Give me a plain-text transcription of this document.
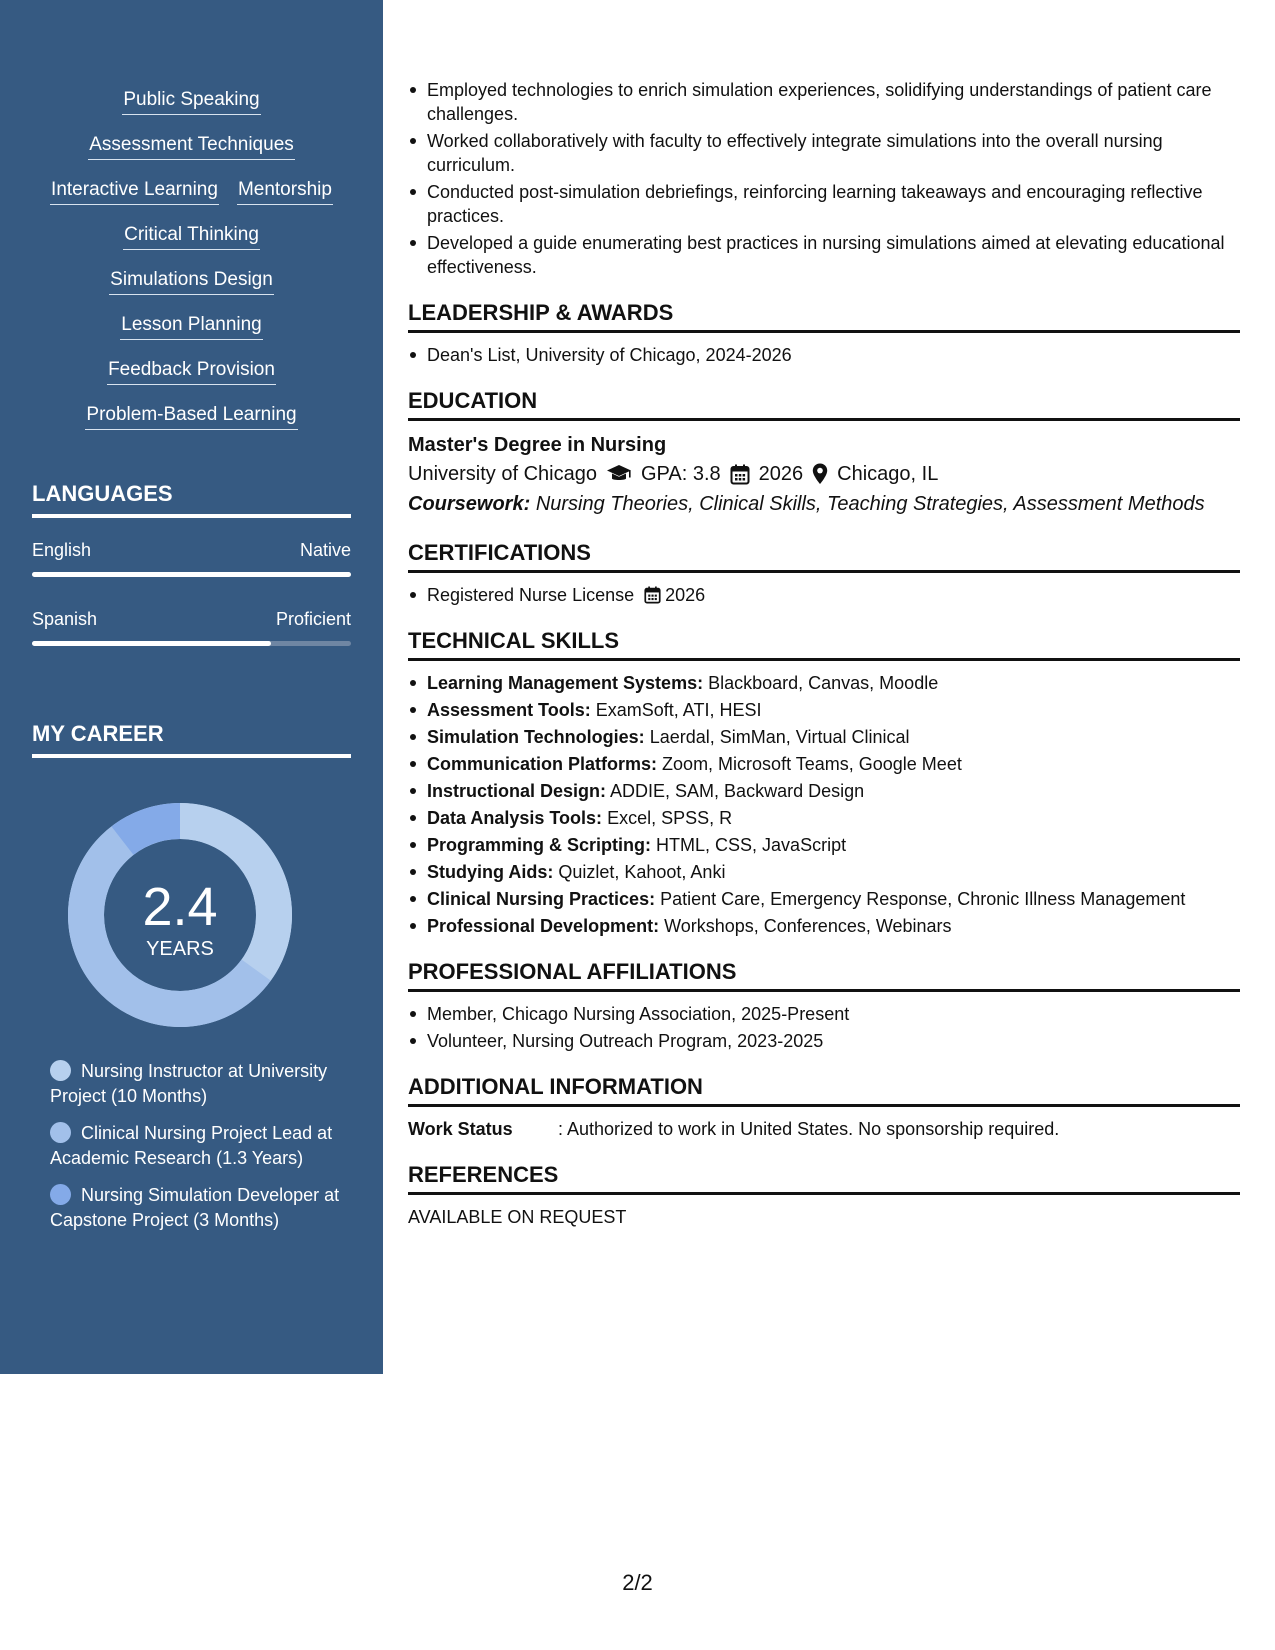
Public Speaking
Assessment Techniques
Interactive Learning Mentorship
Critical Thinking
Simulations Design
Lesson Planning
Feedback Provision
Problem-Based Learning
LANGUAGES
English	Native
Spanish	Proficient
MY CAREER
2.4
YEARS
Nursing Instructor at University Project (10 Months)
Clinical Nursing Project Lead at Academic Research (1.3 Years)
Nursing Simulation Developer at Capstone Project (3 Months)
Employed technologies to enrich simulation experiences, solidifying understandings of patient care challenges.
Worked collaboratively with faculty to effectively integrate simulations into the overall nursing curriculum.
Conducted post-simulation debriefings, reinforcing learning takeaways and encouraging reflective practices.
Developed a guide enumerating best practices in nursing simulations aimed at elevating educational effectiveness.
LEADERSHIP & AWARDS
Dean's List, University of Chicago, 2024-2026
EDUCATION
Master's Degree in Nursing
University of Chicago GPA: 3.8 2026 Chicago, IL
Coursework: Nursing Theories, Clinical Skills, Teaching Strategies, Assessment Methods
CERTIFICATIONS
Registered Nurse License 2026
TECHNICAL SKILLS
Learning Management Systems: Blackboard, Canvas, Moodle
Assessment Tools: ExamSoft, ATI, HESI
Simulation Technologies: Laerdal, SimMan, Virtual Clinical
Communication Platforms: Zoom, Microsoft Teams, Google Meet
Instructional Design: ADDIE, SAM, Backward Design
Data Analysis Tools: Excel, SPSS, R
Programming & Scripting: HTML, CSS, JavaScript
Studying Aids: Quizlet, Kahoot, Anki
Clinical Nursing Practices: Patient Care, Emergency Response, Chronic Illness Management
Professional Development: Workshops, Conferences, Webinars
PROFESSIONAL AFFILIATIONS
Member, Chicago Nursing Association, 2025-Present
Volunteer, Nursing Outreach Program, 2023-2025
ADDITIONAL INFORMATION
Work Status	: Authorized to work in United States. No sponsorship required.
REFERENCES
AVAILABLE ON REQUEST
2/2
